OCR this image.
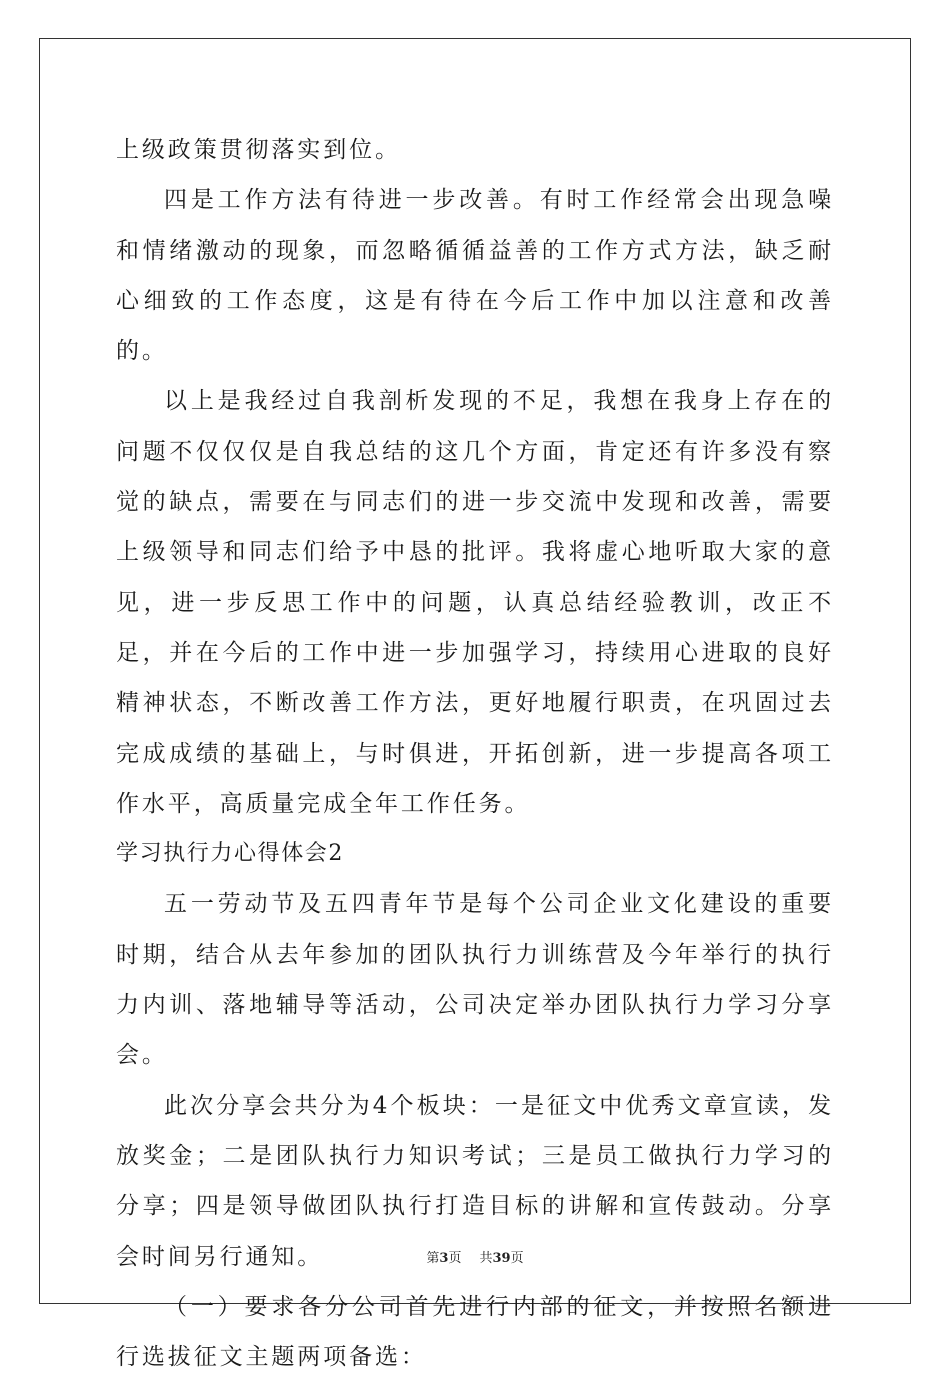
上级政策贯彻落实到位。

四是工作方法有待进一步改善。有时工作经常会出现急噪和情绪激动的现象，而忽略循循益善的工作方式方法，缺乏耐心细致的工作态度，这是有待在今后工作中加以注意和改善的。

以上是我经过自我剖析发现的不足，我想在我身上存在的问题不仅仅仅是自我总结的这几个方面，肯定还有许多没有察觉的缺点，需要在与同志们的进一步交流中发现和改善，需要上级领导和同志们给予中恳的批评。我将虚心地听取大家的意见，进一步反思工作中的问题，认真总结经验教训，改正不足，并在今后的工作中进一步加强学习，持续用心进取的良好精神状态，不断改善工作方法，更好地履行职责，在巩固过去完成成绩的基础上，与时俱进，开拓创新，进一步提高各项工作水平，高质量完成全年工作任务。

学习执行力心得体会2

五一劳动节及五四青年节是每个公司企业文化建设的重要时期，结合从去年参加的团队执行力训练营及今年举行的执行力内训、落地辅导等活动，公司决定举办团队执行力学习分享会。

此次分享会共分为4个板块：一是征文中优秀文章宣读，发放奖金；二是团队执行力知识考试；三是员工做执行力学习的分享；四是领导做团队执行打造目标的讲解和宣传鼓动。分享会时间另行通知。

（一）要求各分公司首先进行内部的征文，并按照名额进行选拔征文主题两项备选：

第3页 共39页
